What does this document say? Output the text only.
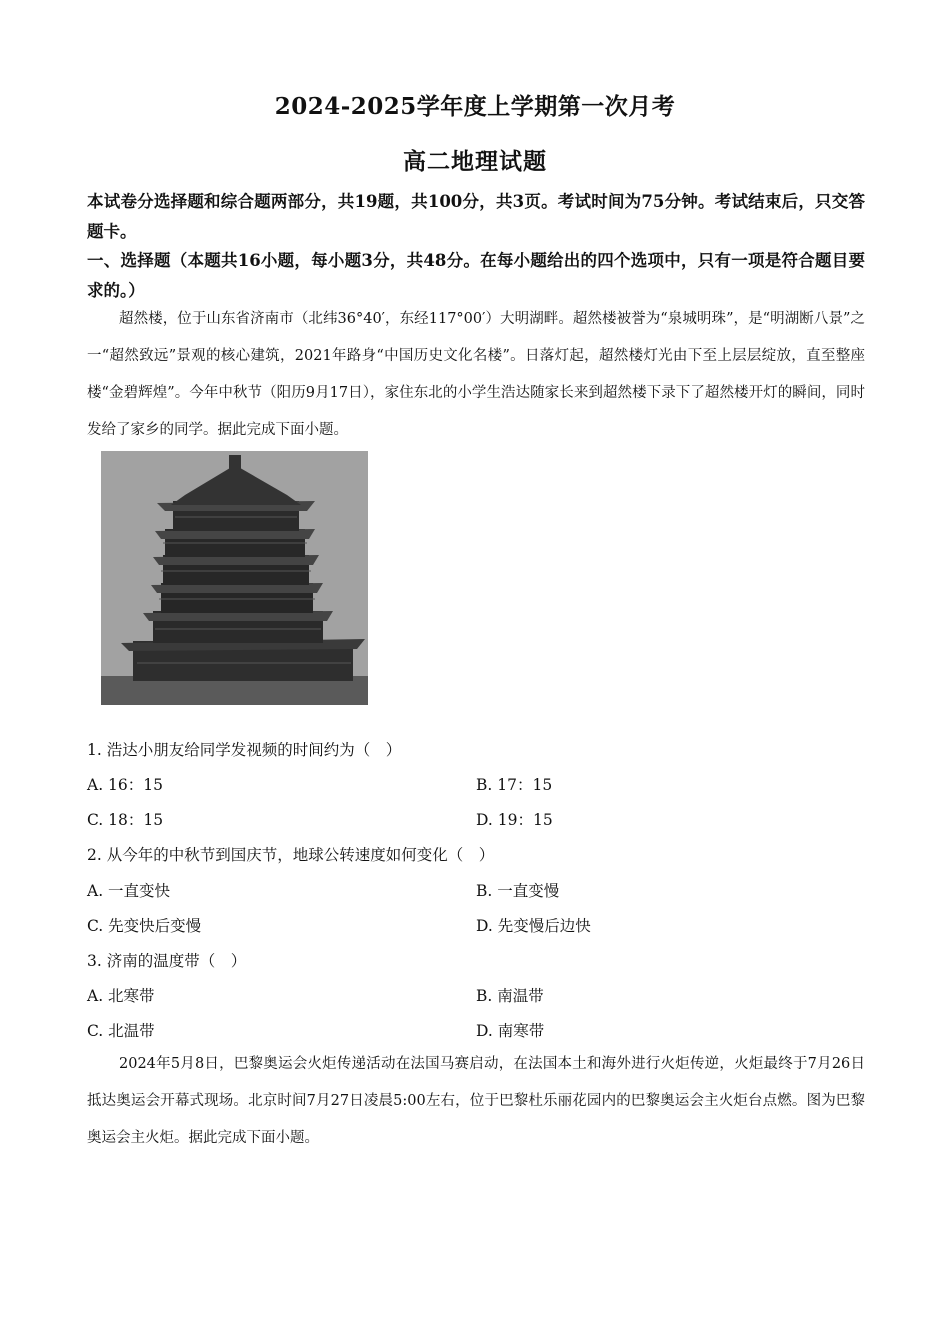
2024-2025学年度上学期第一次月考
高二地理试题
本试卷分选择题和综合题两部分，共19题，共100分，共3页。考试时间为75分钟。考试结束后，只交答题卡。
一、选择题（本题共16小题，每小题3分，共48分。在每小题给出的四个选项中，只有一项是符合题目要求的。）
超然楼，位于山东省济南市（北纬36°40′，东经117°00′）大明湖畔。超然楼被誉为“泉城明珠”，是“明湖断八景”之一“超然致远”景观的核心建筑，2021年路身“中国历史文化名楼”。日落灯起，超然楼灯光由下至上层层绽放，直至整座楼“金碧辉煌”。今年中秋节（阳历9月17日），家住东北的小学生浩达随家长来到超然楼下录下了超然楼开灯的瞬间，同时发给了家乡的同学。据此完成下面小题。
1. 浩达小朋友给同学发视频的时间约为（　）
A. 16：15	B. 17：15
C. 18：15	D. 19：15
2. 从今年的中秋节到国庆节，地球公转速度如何变化（　）
A. 一直变快	B. 一直变慢
C. 先变快后变慢	D. 先变慢后边快
3. 济南的温度带（　）
A. 北寒带	B. 南温带
C. 北温带	D. 南寒带
2024年5月8日，巴黎奥运会火炬传递活动在法国马赛启动，在法国本土和海外进行火炬传逆，火炬最终于7月26日抵达奥运会开幕式现场。北京时间7月27日凌晨5:00左右，位于巴黎杜乐丽花园内的巴黎奥运会主火炬台点燃。图为巴黎奥运会主火炬。据此完成下面小题。
